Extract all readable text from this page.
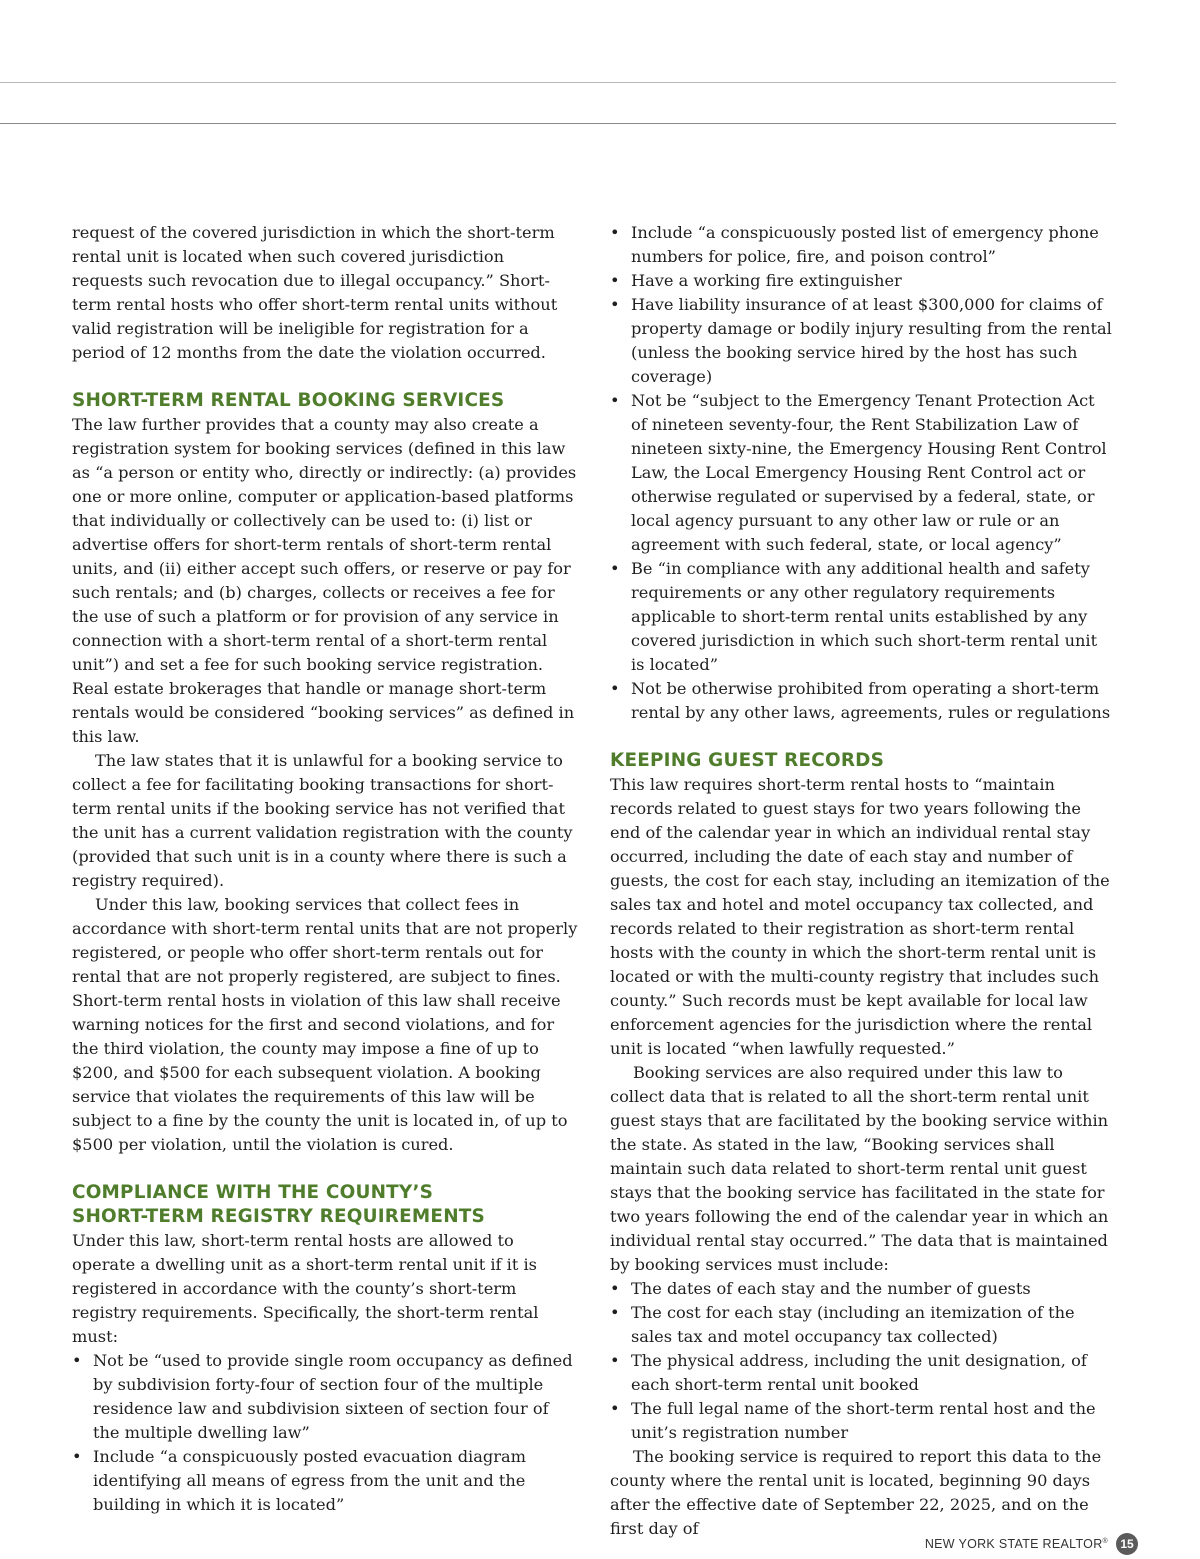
request of the covered jurisdiction in which the short-term rental unit is located when such covered jurisdiction requests such revocation due to illegal occupancy.” Short-term rental hosts who offer short-term rental units without valid registration will be ineligible for registration for a period of 12 months from the date the violation occurred.

SHORT-TERM RENTAL BOOKING SERVICES

The law further provides that a county may also create a registration system for booking services (defined in this law as “a person or entity who, directly or indirectly: (a) provides one or more online, computer or application-based platforms that individually or collectively can be used to: (i) list or advertise offers for short-term rentals of short-term rental units, and (ii) either accept such offers, or reserve or pay for such rentals; and (b) charges, collects or receives a fee for the use of such a platform or for provision of any service in connection with a short-term rental of a short-term rental unit”) and set a fee for such booking service registration. Real estate brokerages that handle or manage short-term rentals would be considered “booking services” as defined in this law.

The law states that it is unlawful for a booking service to collect a fee for facilitating booking transactions for short-term rental units if the booking service has not verified that the unit has a current validation registration with the county (provided that such unit is in a county where there is such a registry required).

Under this law, booking services that collect fees in accordance with short-term rental units that are not properly registered, or people who offer short-term rentals out for rental that are not properly registered, are subject to fines. Short-term rental hosts in violation of this law shall receive warning notices for the first and second violations, and for the third violation, the county may impose a fine of up to $200, and $500 for each subsequent violation. A booking service that violates the requirements of this law will be subject to a fine by the county the unit is located in, of up to $500 per violation, until the violation is cured.

COMPLIANCE WITH THE COUNTY’S
SHORT-TERM REGISTRY REQUIREMENTS

Under this law, short-term rental hosts are allowed to operate a dwelling unit as a short-term rental unit if it is registered in accordance with the county’s short-term registry requirements. Specifically, the short-term rental must:

• Not be “used to provide single room occupancy as defined by subdivision forty-four of section four of the multiple residence law and subdivision sixteen of section four of the multiple dwelling law”
• Include “a conspicuously posted evacuation diagram identifying all means of egress from the unit and the building in which it is located”
• Include “a conspicuously posted list of emergency phone numbers for police, fire, and poison control”
• Have a working fire extinguisher
• Have liability insurance of at least $300,000 for claims of property damage or bodily injury resulting from the rental (unless the booking service hired by the host has such coverage)
• Not be “subject to the Emergency Tenant Protection Act of nineteen seventy-four, the Rent Stabilization Law of nineteen sixty-nine, the Emergency Housing Rent Control Law, the Local Emergency Housing Rent Control act or otherwise regulated or supervised by a federal, state, or local agency pursuant to any other law or rule or an agreement with such federal, state, or local agency”
• Be “in compliance with any additional health and safety requirements or any other regulatory requirements applicable to short-term rental units established by any covered jurisdiction in which such short-term rental unit is located”
• Not be otherwise prohibited from operating a short-term rental by any other laws, agreements, rules or regulations
KEEPING GUEST RECORDS

This law requires short-term rental hosts to “maintain records related to guest stays for two years following the end of the calendar year in which an individual rental stay occurred, including the date of each stay and number of guests, the cost for each stay, including an itemization of the sales tax and hotel and motel occupancy tax collected, and records related to their registration as short-term rental hosts with the county in which the short-term rental unit is located or with the multi-county registry that includes such county.” Such records must be kept available for local law enforcement agencies for the jurisdiction where the rental unit is located “when lawfully requested.”

Booking services are also required under this law to collect data that is related to all the short-term rental unit guest stays that are facilitated by the booking service within the state. As stated in the law, “Booking services shall maintain such data related to short-term rental unit guest stays that the booking service has facilitated in the state for two years following the end of the calendar year in which an individual rental stay occurred.” The data that is maintained by booking services must include:

• The dates of each stay and the number of guests
• The cost for each stay (including an itemization of the sales tax and motel occupancy tax collected)
• The physical address, including the unit designation, of each short-term rental unit booked
• The full legal name of the short-term rental host and the unit’s registration number

The booking service is required to report this data to the county where the rental unit is located, beginning 90 days after the effective date of September 22, 2025, and on the first day of

NEW YORK STATE REALTOR®	15
